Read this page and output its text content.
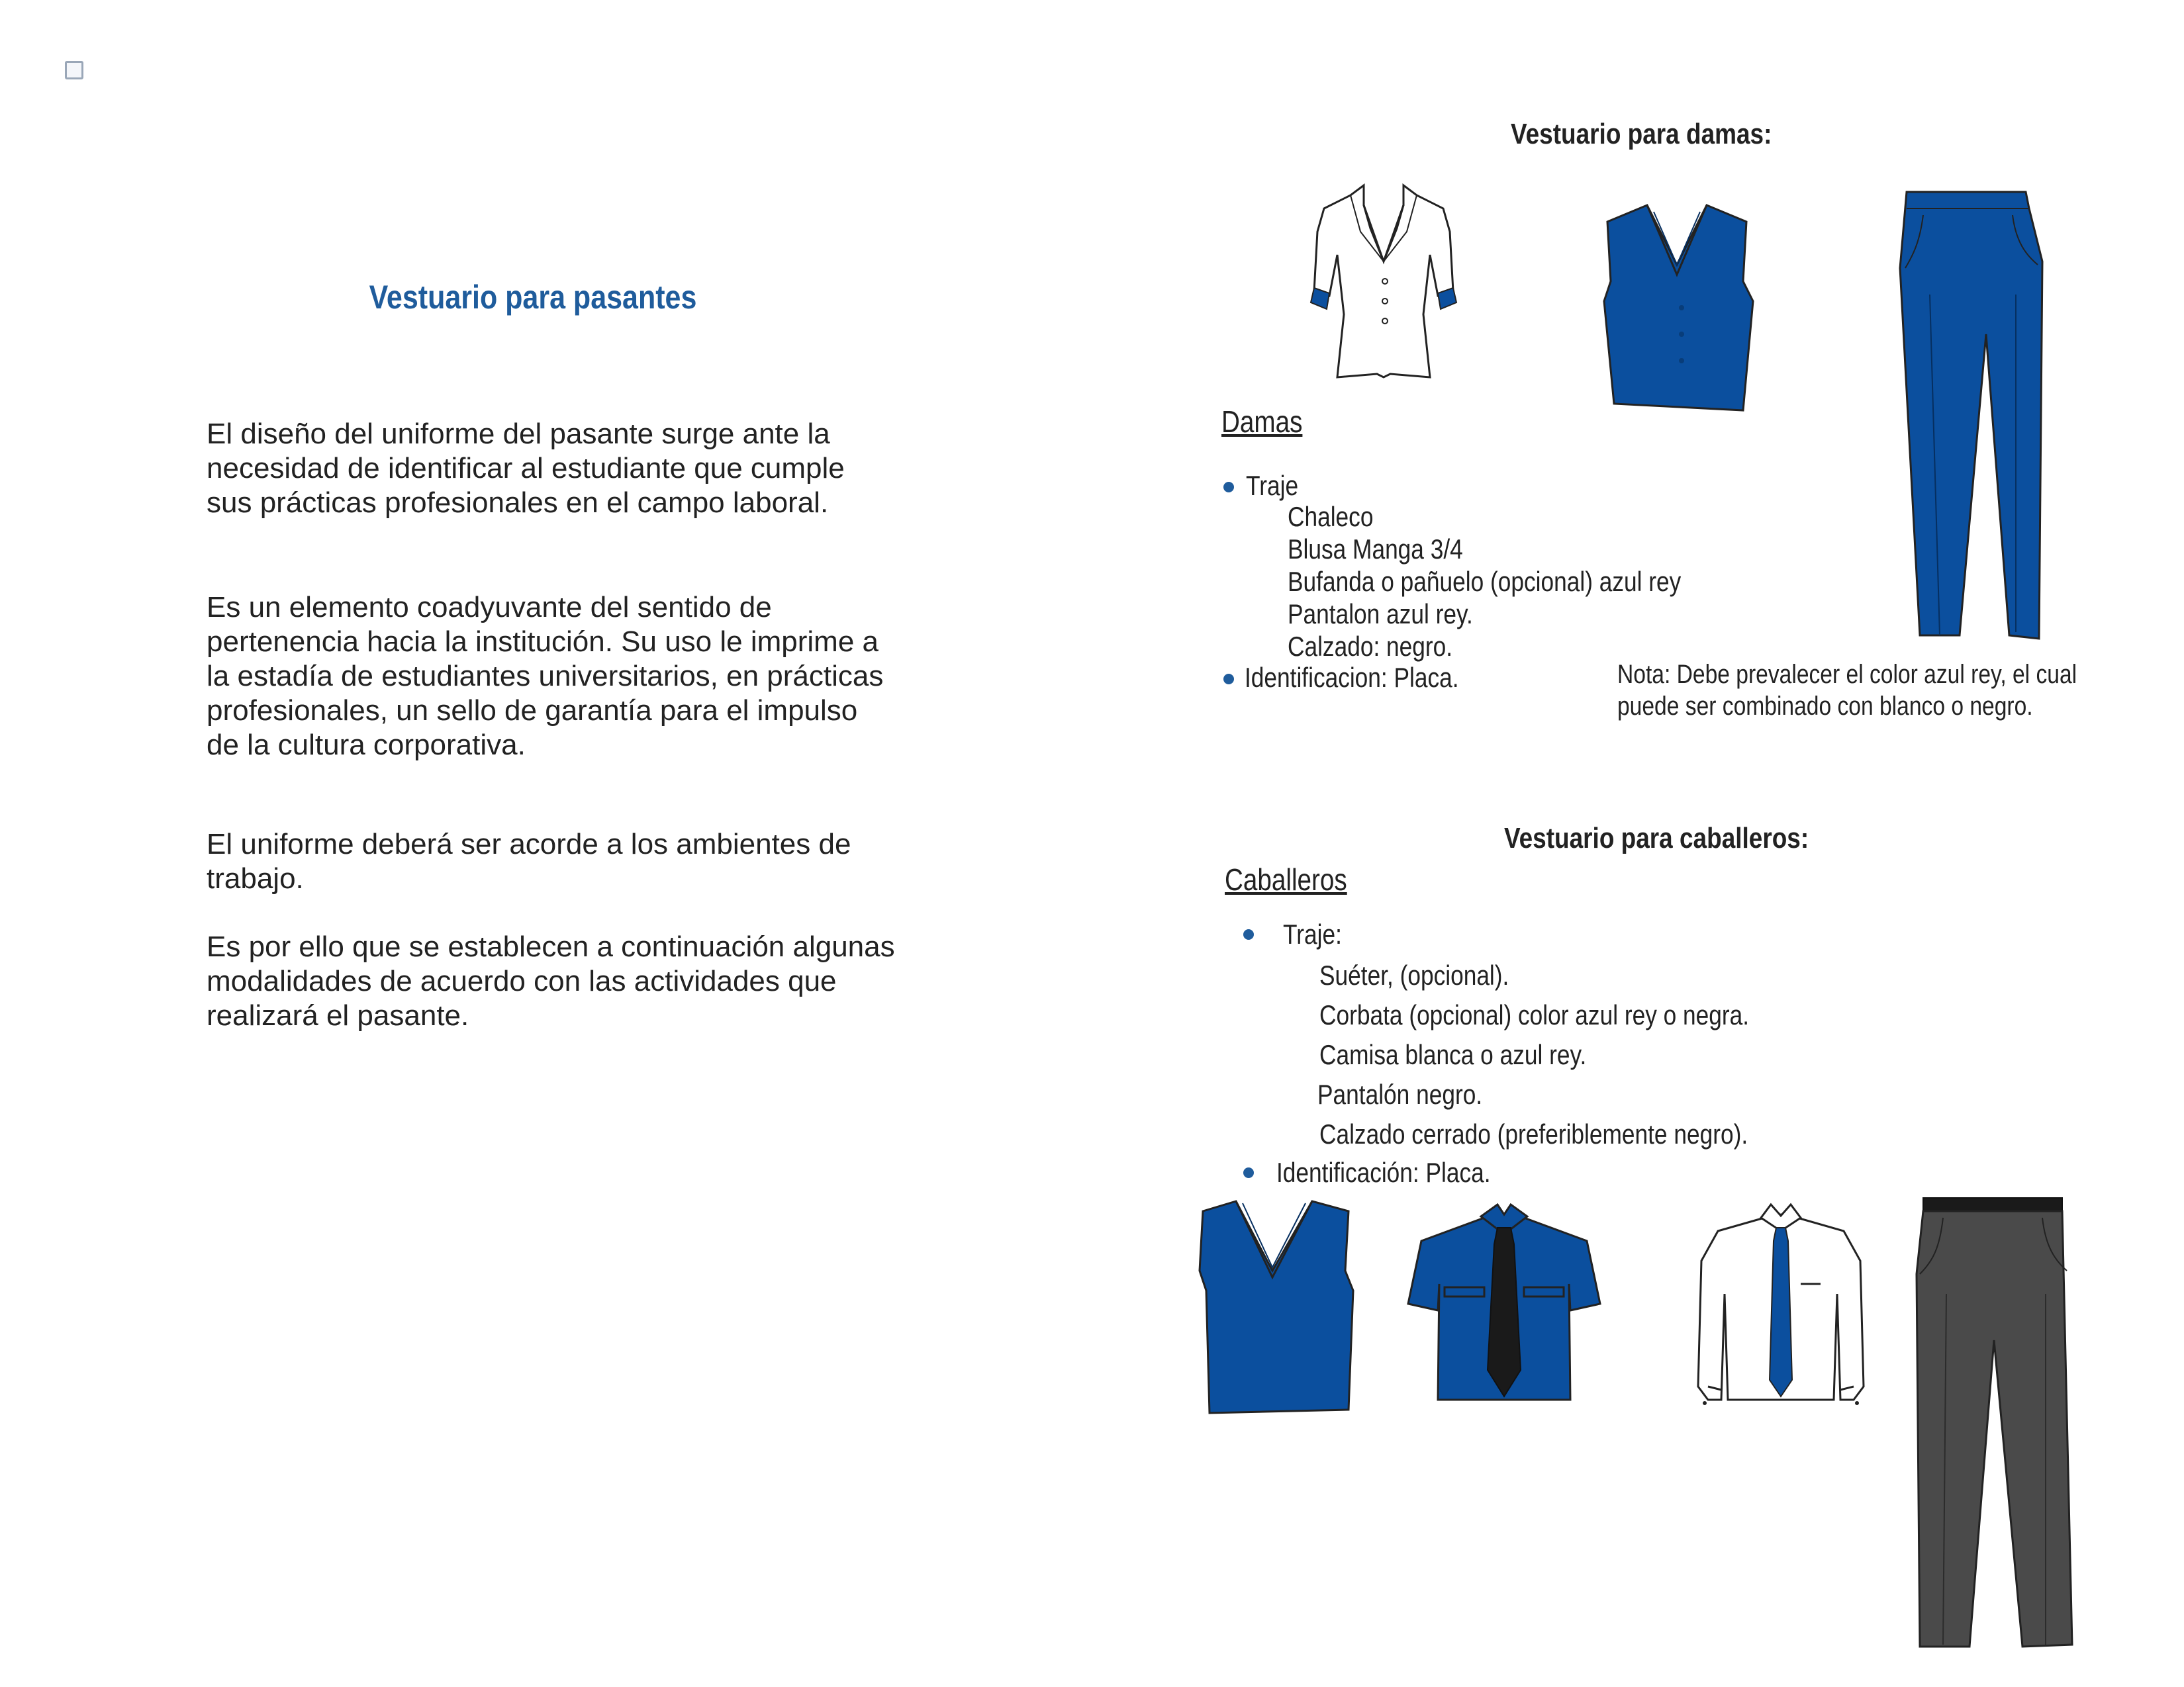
Vestuario para pasantes
El diseño del uniforme del pasante surge ante la
necesidad de identificar al estudiante que cumple
sus prácticas profesionales en el campo laboral.
Es un elemento coadyuvante del sentido de
pertenencia hacia la institución. Su uso le imprime a
la estadía de estudiantes universitarios, en prácticas
profesionales, un sello de garantía para el impulso
de la cultura corporativa.
El uniforme deberá ser acorde a los ambientes de
trabajo.
Es por ello que se establecen a continuación algunas
modalidades de acuerdo con las actividades que
realizará el pasante.
Vestuario para damas:
Damas
Traje
Chaleco
Blusa Manga 3/4
Bufanda o pañuelo (opcional) azul rey
Pantalon azul rey.
Calzado: negro.
Identificacion: Placa.	Nota: Debe prevalecer el color azul rey, el cual
puede ser combinado con blanco o negro.
Vestuario para caballeros:
Caballeros
Traje:
Suéter, (opcional).
Corbata (opcional) color azul rey o negra.
Camisa blanca o azul rey.
Pantalón negro.
Calzado cerrado (preferiblemente negro).
Identificación: Placa.
